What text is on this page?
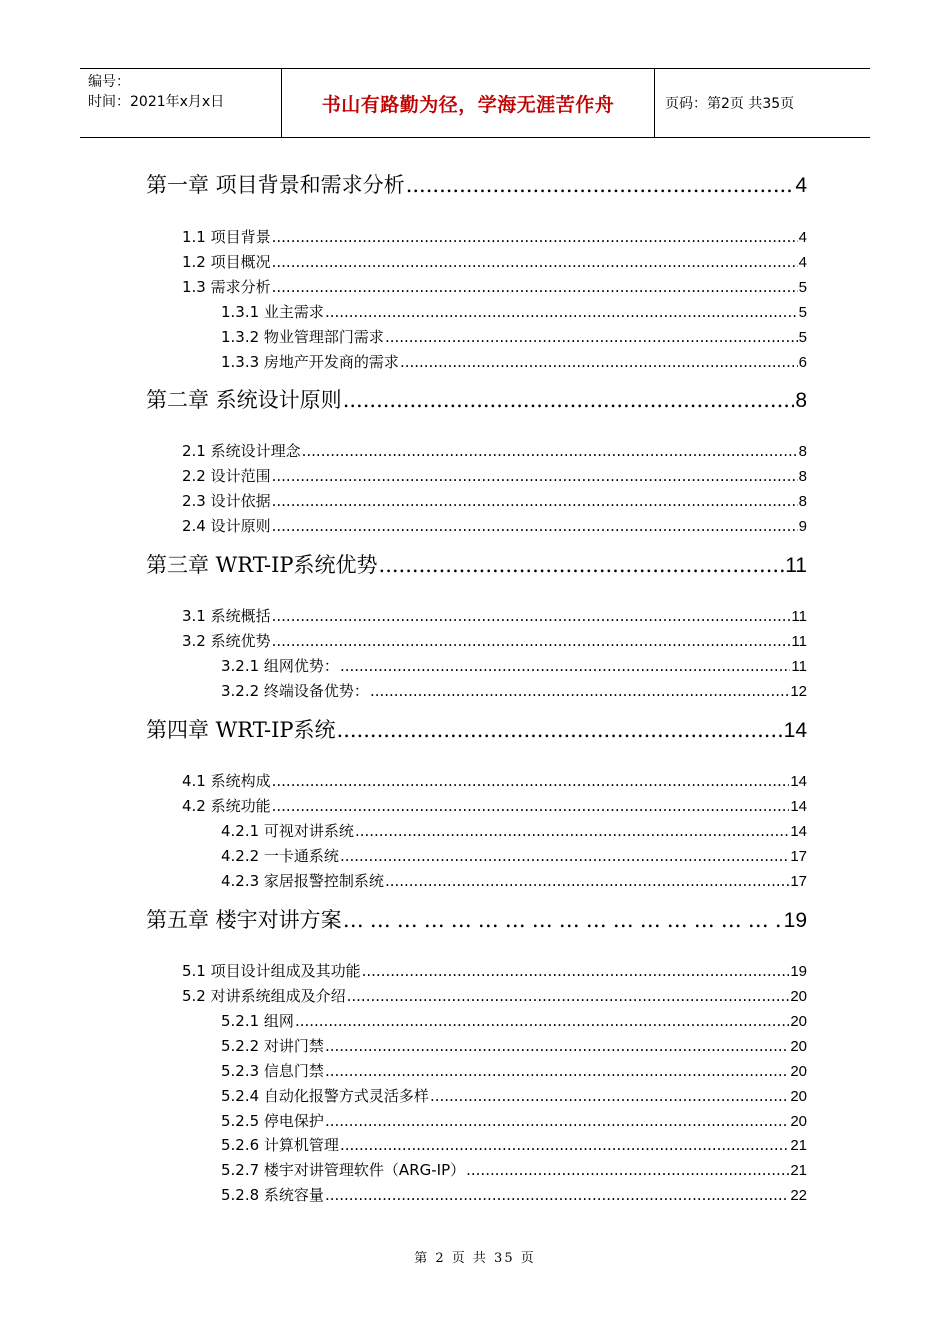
编号：
时间：2021年x月x日	书山有路勤为径，学海无涯苦作舟	页码：第2页 共35页
第一章 项目背景和需求分析 .....	4
1.1 项目背景 .....	4
1.2 项目概况 .....	4
1.3 需求分析 .....	5
1.3.1 业主需求 .....	5
1.3.2 物业管理部门需求 .....	5
1.3.3 房地产开发商的需求 .....	6
第二章 系统设计原则 .....	8
2.1 系统设计理念 .....	8
2.2 设计范围 .....	8
2.3 设计依据 .....	8
2.4 设计原则 .....	9
第三章 WRT-IP系统优势 .....	11
3.1 系统概括 .....	11
3.2 系统优势 .....	11
3.2.1 组网优势： .....	11
3.2.2 终端设备优势： .....	12
第四章 WRT-IP系统 .....	14
4.1 系统构成 .....	14
4.2 系统功能 .....	14
4.2.1 可视对讲系统 .....	14
4.2.2 一卡通系统 .....	17
4.2.3 家居报警控制系统 .....	17
第五章 楼宇对讲方案 …………………………………………………………………………………………………………………………………………..	19
5.1 项目设计组成及其功能 .....	19
5.2 对讲系统组成及介绍 .....	20
5.2.1 组网 .....	20
5.2.2 对讲门禁 .....	20
5.2.3 信息门禁 .....	20
5.2.4 自动化报警方式灵活多样 .....	20
5.2.5 停电保护 .....	20
5.2.6 计算机管理 .....	21
5.2.7 楼宇对讲管理软件（ARG-IP） .....	21
5.2.8 系统容量 .....	22
第 2 页 共 35 页
